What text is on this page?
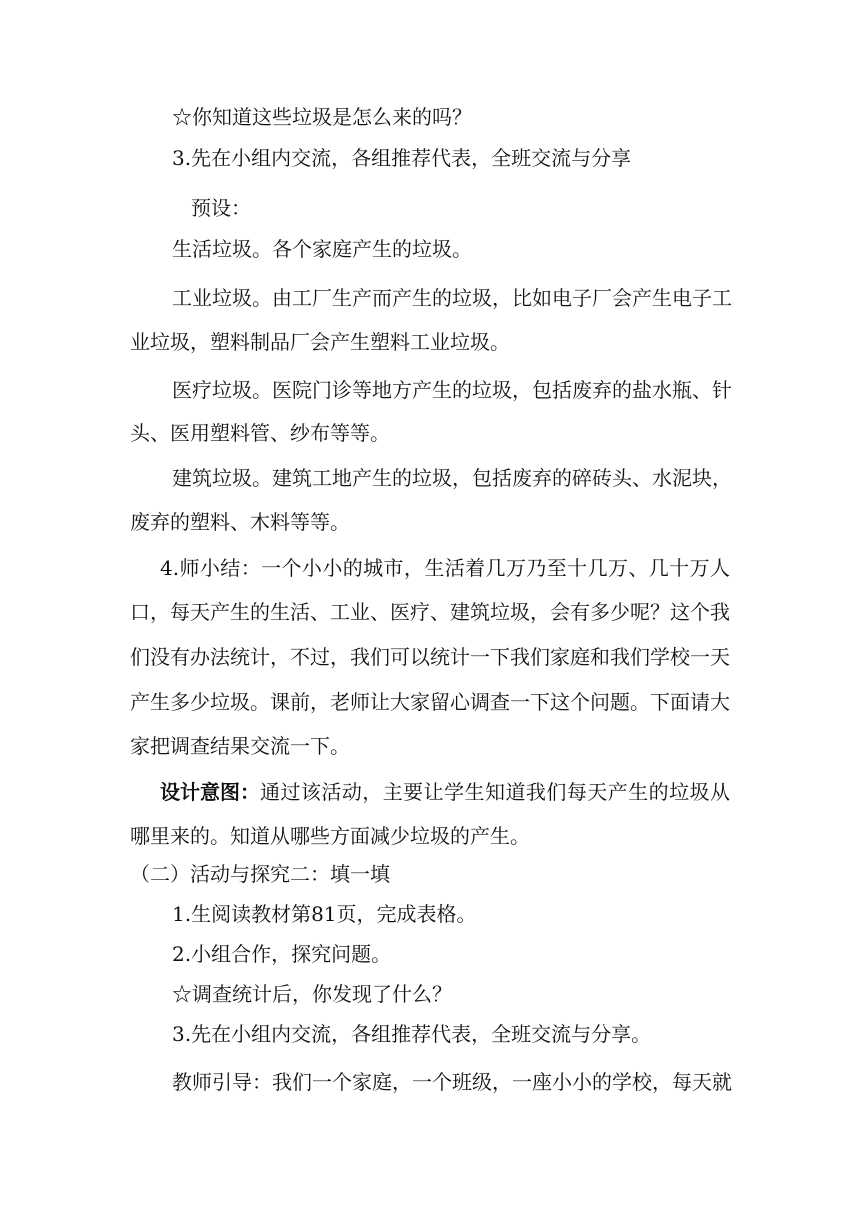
☆你知道这些垃圾是怎么来的吗？
3.先在小组内交流，各组推荐代表，全班交流与分享
预设：
生活垃圾。各个家庭产生的垃圾。
工业垃圾。由工厂生产而产生的垃圾，比如电子厂会产生电子工
业垃圾，塑料制品厂会产生塑料工业垃圾。
医疗垃圾。医院门诊等地方产生的垃圾，包括废弃的盐水瓶、针
头、医用塑料管、纱布等等。
建筑垃圾。建筑工地产生的垃圾，包括废弃的碎砖头、水泥块，
废弃的塑料、木料等等。
4.师小结：一个小小的城市，生活着几万乃至十几万、几十万人
口，每天产生的生活、工业、医疗、建筑垃圾，会有多少呢？这个我
们没有办法统计，不过，我们可以统计一下我们家庭和我们学校一天
产生多少垃圾。课前，老师让大家留心调查一下这个问题。下面请大
家把调查结果交流一下。
设计意图： 通过该活动，主要让学生知道我们每天产生的垃圾从
哪里来的。知道从哪些方面减少垃圾的产生。
（二）活动与探究二：填一填
1.生阅读教材第81页，完成表格。
2.小组合作，探究问题。
☆调查统计后，你发现了什么？
3.先在小组内交流，各组推荐代表，全班交流与分享。
教师引导：我们一个家庭，一个班级，一座小小的学校，每天就
